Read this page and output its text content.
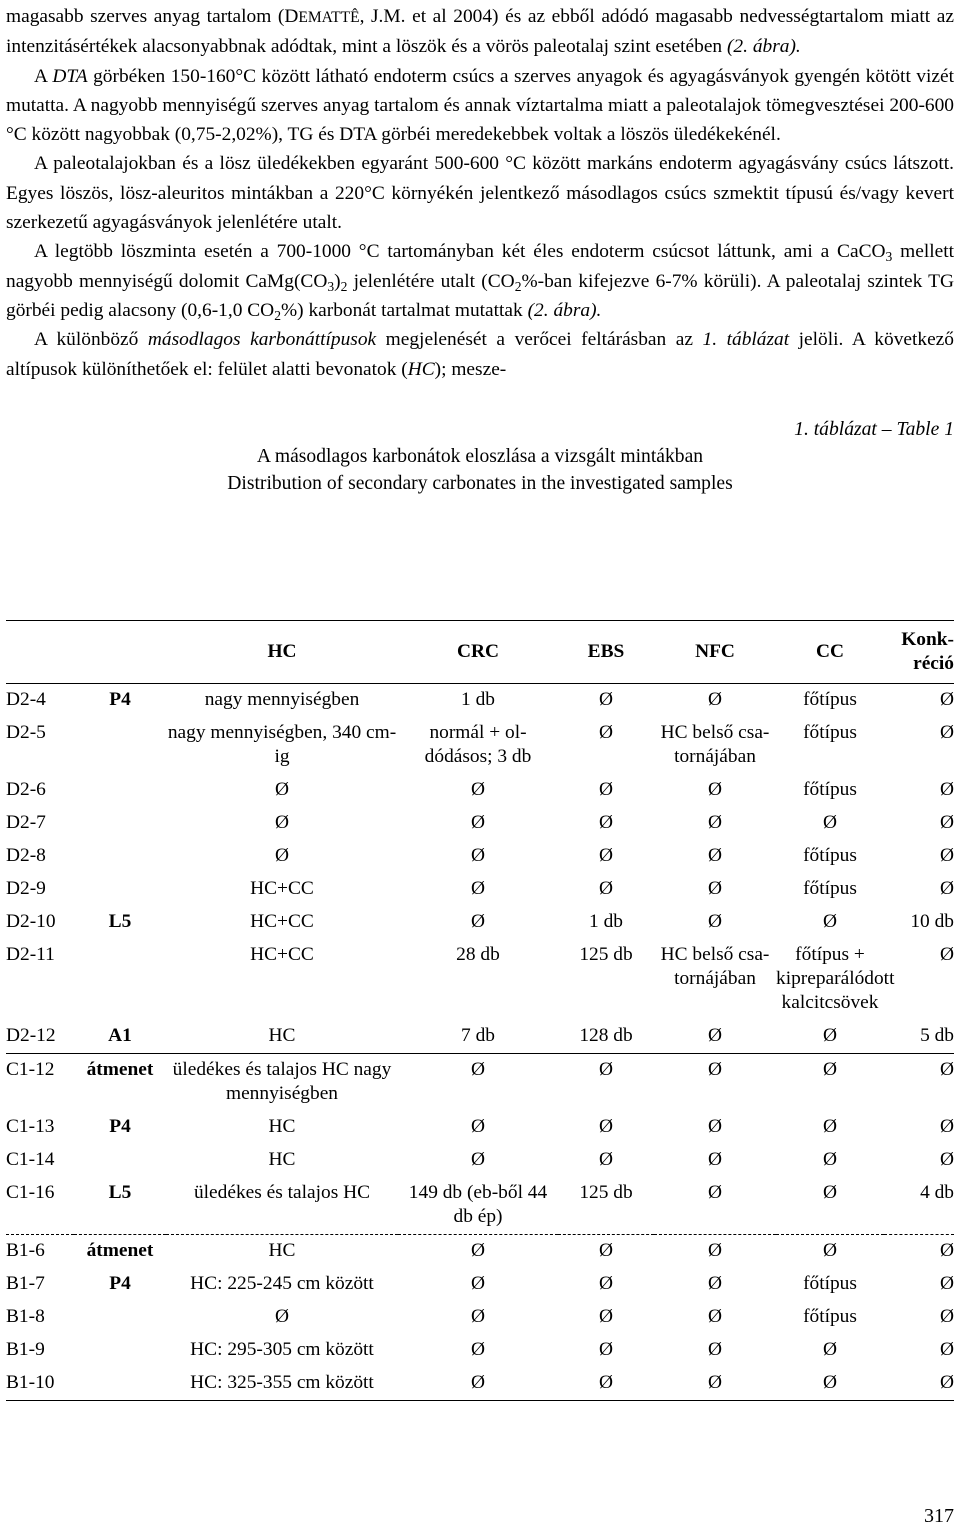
magasabb szerves anyag tartalom (DEMATTÊ, J.M. et al 2004) és az ebből adódó magasabb nedvességtartalom miatt az intenzitásértékek alacsonyabbnak adódtak, mint a löszök és a vörös paleotalaj szint esetében (2. ábra).

A DTA görbéken 150-160°C között látható endoterm csúcs a szerves anyagok és agyagásványok gyengén kötött vizét mutatta. A nagyobb mennyiségű szerves anyag tartalom és annak víztartalma miatt a paleotalajok tömegvesztései 200-600 °C között nagyobbak (0,75-2,02%), TG és DTA görbéi meredekebbek voltak a löszös üledékekénél.

A paleotalajokban és a lösz üledékekben egyaránt 500-600 °C között markáns endoterm agyagásvány csúcs látszott. Egyes löszös, lösz-aleuritos mintákban a 220°C környékén jelentkező másodlagos csúcs szmektit típusú és/vagy kevert szerkezetű agyagásványok jelenlétére utalt.

A legtöbb löszminta esetén a 700-1000 °C tartományban két éles endoterm csúcsot láttunk, ami a CaCO$_3$ mellett nagyobb mennyiségű dolomit $CaMg(CO_3)_2$ jelenlétére utalt ($CO_2\%$-ban kifejezve 6-7% körüli). A paleotalaj szintek TG görbéi pedig alacsony (0,6-1,0 $CO_2\%$) karbonát tartalmat mutattak (2. ábra).

A különböző másodlagos karbonáttípusok megjelenését a verőcei feltárásban az 1. táblázat jelöli. A következő altípusok különíthetőek el: felület alatti bevonatok (HC); mesze-

1. táblázat – Table 1
A másodlagos karbonátok eloszlása a vizsgált mintákban
Distribution of secondary carbonates in the investigated samples
		HC	CRC	EBS	NFC	CC	Konk-
réció
D2-4	P4	nagy mennyiségben	1 db	Ø	Ø	főtípus	Ø
D2-5		nagy mennyiségben, 340 cm-ig	normál + ol-dódásos; 3 db	Ø	HC belső csa-tornájában	főtípus	Ø
D2-6		Ø	Ø	Ø	Ø	főtípus	Ø
D2-7		Ø	Ø	Ø	Ø	Ø	Ø
D2-8		Ø	Ø	Ø	Ø	főtípus	Ø
D2-9		HC+CC	Ø	Ø	Ø	főtípus	Ø
D2-10	L5	HC+CC	Ø	1 db	Ø	Ø	10 db
D2-11		HC+CC	28 db	125 db	HC belső csa-tornájában	főtípus + kipreparálódott kalcitcsövek	Ø
D2-12	A1	HC	7 db	128 db	Ø	Ø	5 db
C1-12	átmenet	üledékes és talajos HC nagy mennyiségben	Ø	Ø	Ø	Ø	Ø
C1-13	P4	HC	Ø	Ø	Ø	Ø	Ø
C1-14		HC	Ø	Ø	Ø	Ø	Ø
C1-16	L5	üledékes és talajos HC	149 db (eb-ből 44 db ép)	125 db	Ø	Ø	4 db
B1-6	átmenet	HC	Ø	Ø	Ø	Ø	Ø
B1-7	P4	HC: 225-245 cm között	Ø	Ø	Ø	főtípus	Ø
B1-8		Ø	Ø	Ø	Ø	főtípus	Ø
B1-9		HC: 295-305 cm között	Ø	Ø	Ø	Ø	Ø
B1-10		HC: 325-355 cm között	Ø	Ø	Ø	Ø	Ø
317
